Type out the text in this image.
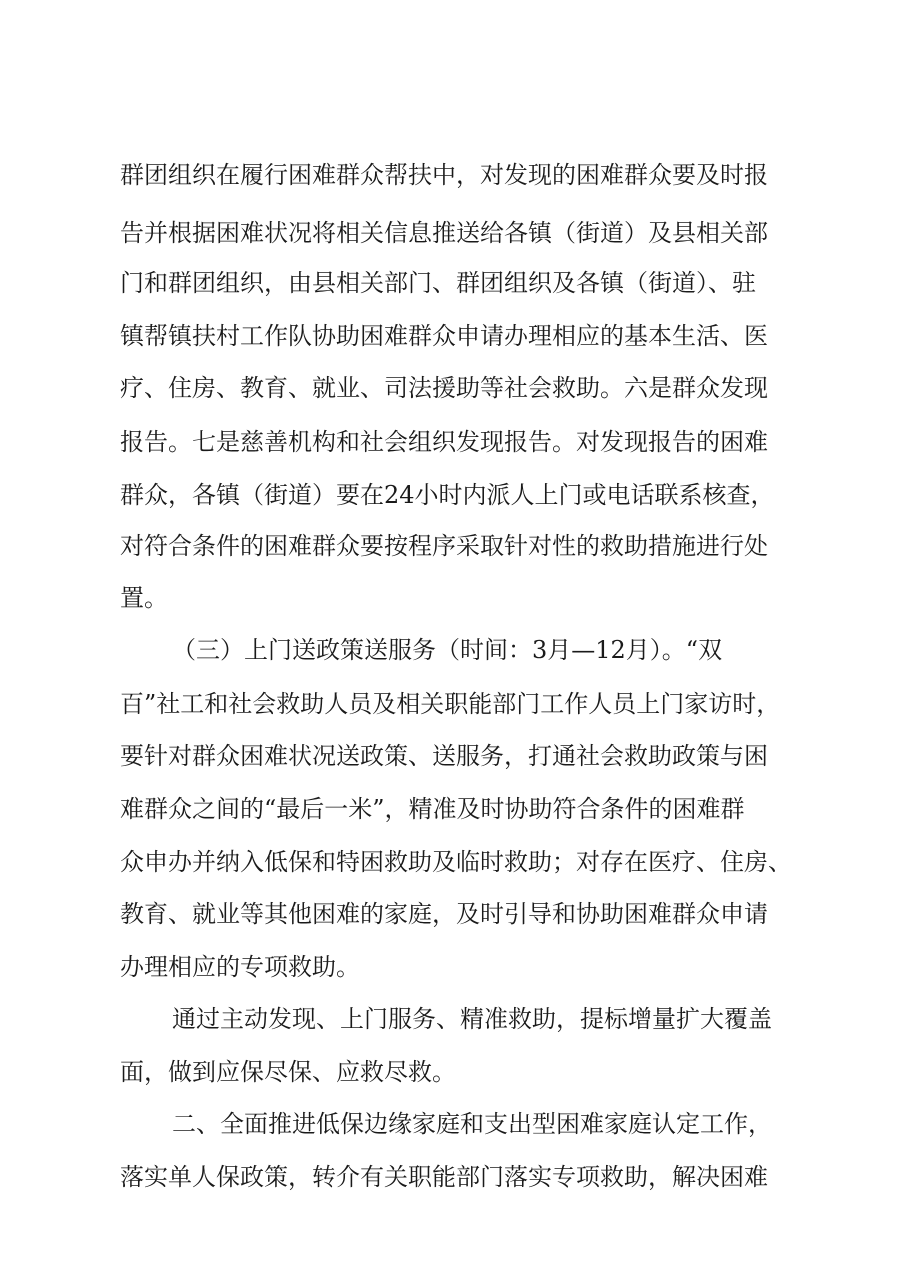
群团组织在履行困难群众帮扶中，对发现的困难群众要及时报
告并根据困难状况将相关信息推送给各镇（街道）及县相关部
门和群团组织，由县相关部门、群团组织及各镇（街道）、驻
镇帮镇扶村工作队协助困难群众申请办理相应的基本生活、医
疗、住房、教育、就业、司法援助等社会救助。六是群众发现
报告。七是慈善机构和社会组织发现报告。对发现报告的困难
群众，各镇（街道）要在24小时内派人上门或电话联系核查，
对符合条件的困难群众要按程序采取针对性的救助措施进行处
置。
（三）上门送政策送服务（时间：3月—12月）。“双
百”社工和社会救助人员及相关职能部门工作人员上门家访时，
要针对群众困难状况送政策、送服务，打通社会救助政策与困
难群众之间的“最后一米”，精准及时协助符合条件的困难群
众申办并纳入低保和特困救助及临时救助；对存在医疗、住房、
教育、就业等其他困难的家庭，及时引导和协助困难群众申请
办理相应的专项救助。
通过主动发现、上门服务、精准救助，提标增量扩大覆盖
面，做到应保尽保、应救尽救。
二、全面推进低保边缘家庭和支出型困难家庭认定工作，
落实单人保政策，转介有关职能部门落实专项救助，解决困难
